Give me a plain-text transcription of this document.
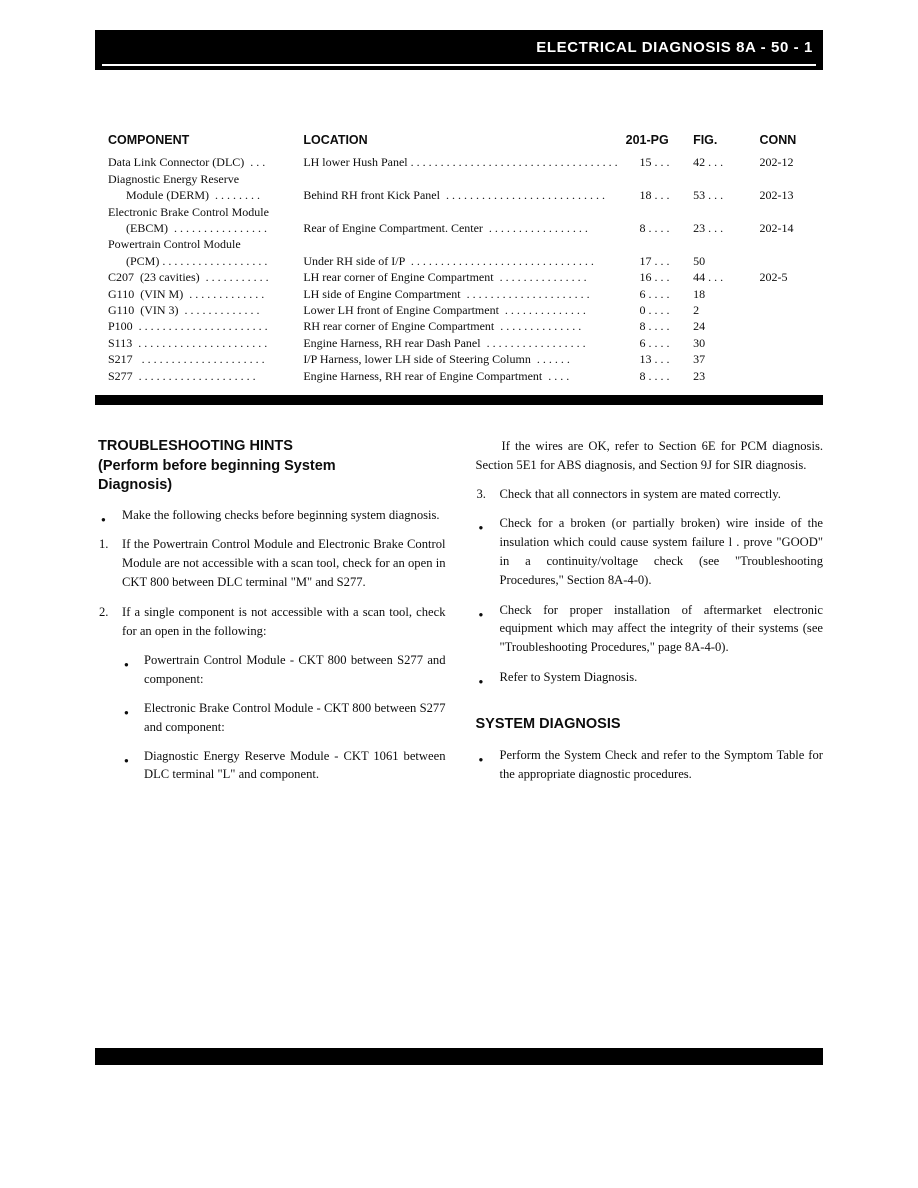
ELECTRICAL DIAGNOSIS 8A - 50 - 1
COMPONENT	LOCATION	201-PG	FIG.	CONN
Data Link Connector (DLC)  . . .	LH lower Hush Panel . . . . . . . . . . . . . . . . . . . . . . . . . . . . . . . . . . .	15 . . .	42 . . .	202-12
Diagnostic Energy Reserve
Module (DERM)  . . . . . . . .	Behind RH front Kick Panel  . . . . . . . . . . . . . . . . . . . . . . . . . . .	18 . . .	53 . . .	202-13
Electronic Brake Control Module
(EBCM)  . . . . . . . . . . . . . . . .	Rear of Engine Compartment. Center  . . . . . . . . . . . . . . . . .	8 . . . .	23 . . .	202-14
Powertrain Control Module
(PCM) . . . . . . . . . . . . . . . . . .	Under RH side of I/P  . . . . . . . . . . . . . . . . . . . . . . . . . . . . . . .	17 . . .	50
C207  (23 cavities)  . . . . . . . . . . .	LH rear corner of Engine Compartment  . . . . . . . . . . . . . . .	16 . . .	44 . . .	202-5
G110  (VIN M)  . . . . . . . . . . . . .	LH side of Engine Compartment  . . . . . . . . . . . . . . . . . . . . .	6 . . . .	18
G110  (VIN 3)  . . . . . . . . . . . . .	Lower LH front of Engine Compartment  . . . . . . . . . . . . . .	0 . . . .	2
P100  . . . . . . . . . . . . . . . . . . . . . .	RH rear corner of Engine Compartment  . . . . . . . . . . . . . .	8 . . . .	24
S113  . . . . . . . . . . . . . . . . . . . . . .	Engine Harness, RH rear Dash Panel  . . . . . . . . . . . . . . . . .	6 . . . .	30
S217   . . . . . . . . . . . . . . . . . . . . .	I/P Harness, lower LH side of Steering Column  . . . . . .	13 . . .	37
S277  . . . . . . . . . . . . . . . . . . . .	Engine Harness, RH rear of Engine Compartment  . . . .	8 . . . .	23
TROUBLESHOOTING HINTS
(Perform before beginning System
Diagnosis)
● Make the following checks before beginning system diagnosis.
1. If the Powertrain Control Module and Electronic Brake Control Module are not accessible with a scan tool, check for an open in CKT 800 between DLC terminal "M" and S277.
2. If a single component is not accessible with a scan tool, check for an open in the following:
● Powertrain Control Module - CKT 800 between S277 and component:
● Electronic Brake Control Module - CKT 800 between S277 and component:
● Diagnostic Energy Reserve Module - CKT 1061 between DLC terminal "L" and component.
If the wires are OK, refer to Section 6E for PCM diagnosis. Section 5E1 for ABS diagnosis, and Section 9J for SIR diagnosis.
3. Check that all connectors in system are mated correctly.
● Check for a broken (or partially broken) wire inside of the insulation which could cause system failure l . prove "GOOD" in a continuity/voltage check (see "Troubleshooting Procedures," Section 8A-4-0).
● Check for proper installation of aftermarket electronic equipment which may affect the integrity of their systems (see "Troubleshooting Procedures," page 8A-4-0).
● Refer to System Diagnosis.
SYSTEM DIAGNOSIS
● Perform the System Check and refer to the Symptom Table for the appropriate diagnostic procedures.
